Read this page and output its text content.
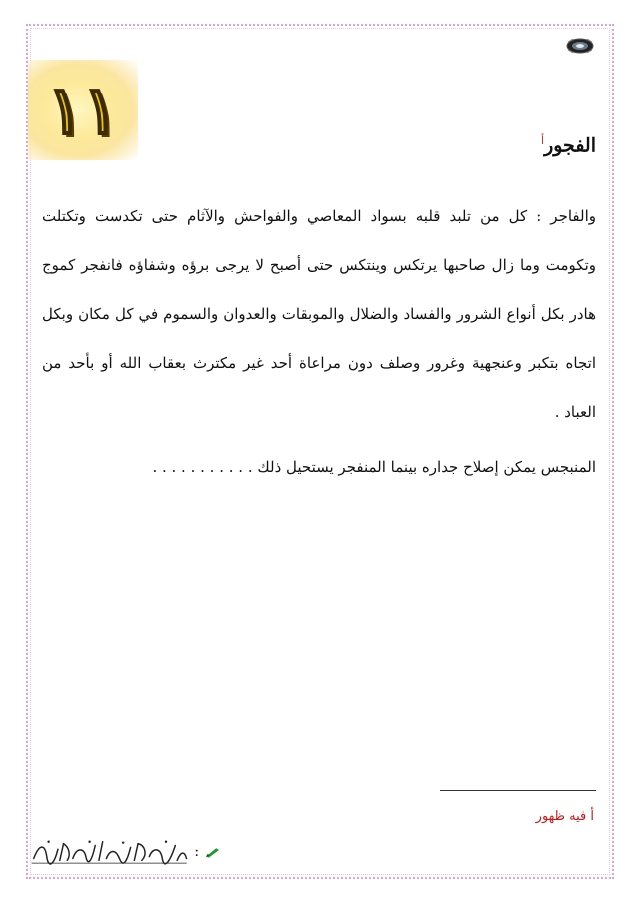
١١	الفجور$^أ$

والفاجر : كل من تلبد قلبه بسواد المعاصي والفواحش والآثام حتى تكدست وتكتلت وتكومت وما زال صاحبها يرتكس وينتكس حتى أصبح لا يرجى برؤه وشفاؤه فانفجر كموج هادر بكل أنواع الشرور والفساد والضلال والموبقات والعدوان والسموم في كل مكان وبكل اتجاه بتكبر وعنجهية وغرور وصلف دون مراعاة أحد غير مكترث بعقاب الله أو بأحد من العباد .

المنبجس يمكن إصلاح جداره بينما المنفجر يستحيل ذلك . . . . . . . . . . .

أ فيه ظهور
:
